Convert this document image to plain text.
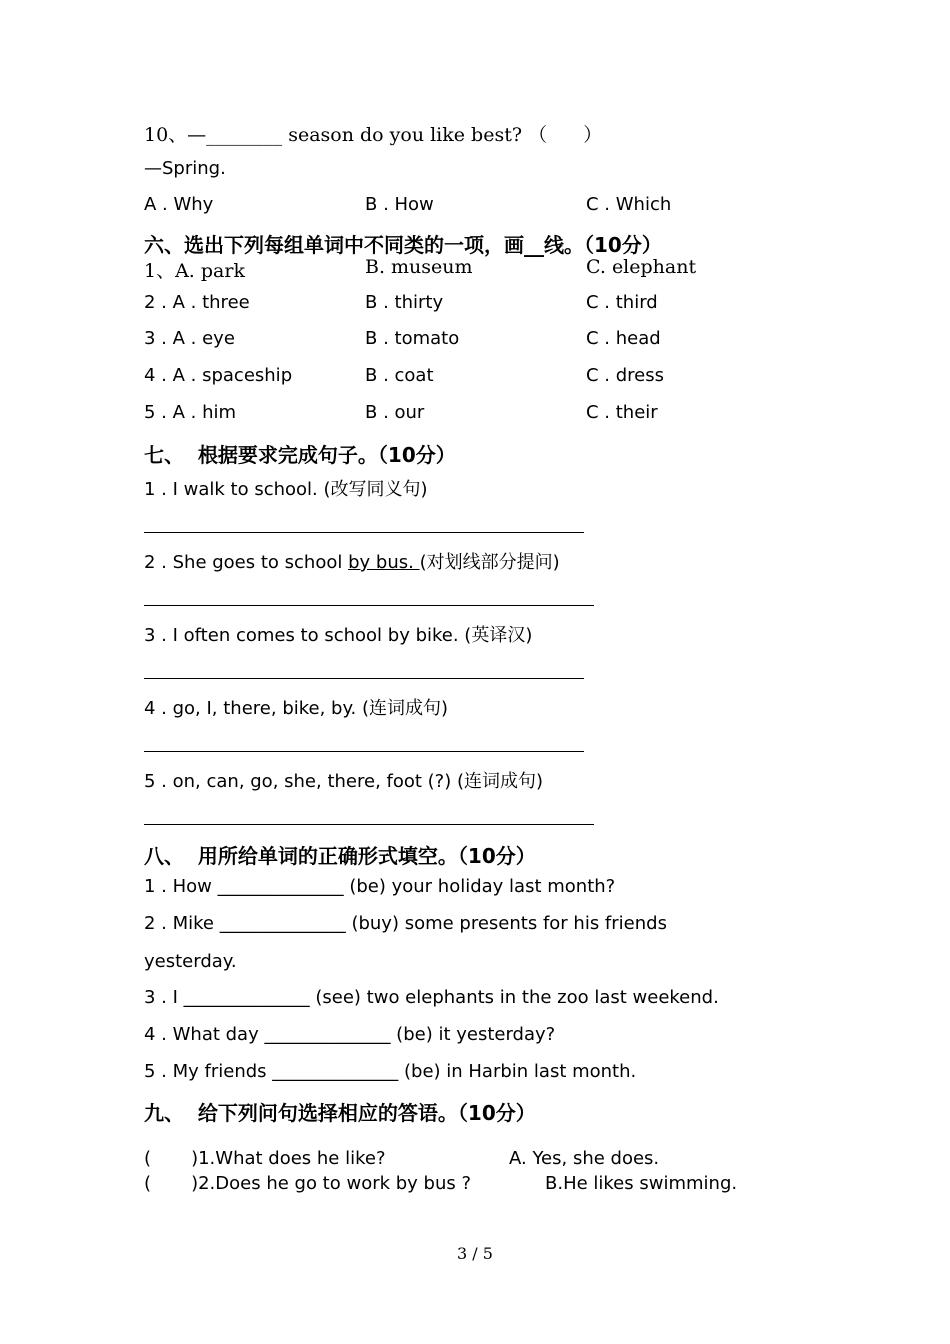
10、—________ season do you like best? （      ）
—Spring.
A . Why	B . How	C . Which
六、选出下列每组单词中不同类的一项，画__线。（10分）
1、A. park	B. museum	C. elephant
2 . A . three	B . thirty	C . third
3 . A . eye	B . tomato	C . head
4 . A . spaceship	B . coat	C . dress
5 . A . him	B . our	C . their
七、  根据要求完成句子。（10分）
1 . I walk to school. (改写同义句)
2 . She goes to school by bus. (对划线部分提问)
3 . I often comes to school by bike. (英译汉)
4 . go, I, there, bike, by. (连词成句)
5 . on, can, go, she, there, foot (?) (连词成句)
八、  用所给单词的正确形式填空。（10分）
1 . How ______________ (be) your holiday last month?
2 . Mike ______________ (buy) some presents for his friends
yesterday.
3 . I ______________ (see) two elephants in the zoo last weekend.
4 . What day ______________ (be) it yesterday?
5 . My friends ______________ (be) in Harbin last month.
九、  给下列问句选择相应的答语。（10分）
(       )1.What does he like?	A. Yes, she does.
(       )2.Does he go to work by bus ?	B.He likes swimming.
3 / 5
